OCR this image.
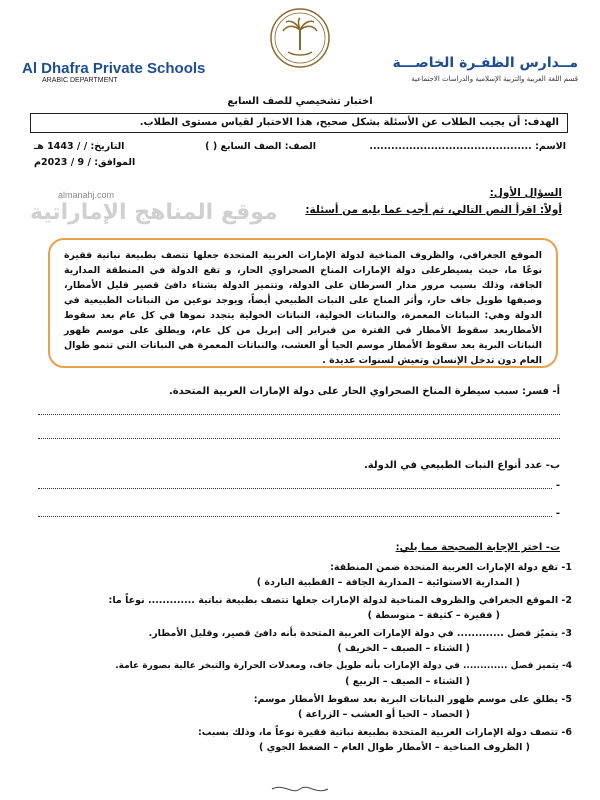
Al Dhafra Private Schools
ARABIC DEPARTMENT
مــدارس الظفـرة الخاصـــة
قسم اللغة العربية والتربية الإسلامية والدراسات الاجتماعية
اختبار تشخيصي للصف السابع
الهدف: أن يجيب الطلاب عن الأسئلة بشكل صحيح، هذا الاختبار لقياس مستوى الطلاب.
الاسم: .............................................
الصف: الصف السابع ( )
التاريخ: / / 1443 هـ
الموافق: / 9 / 2023م
almanahj.com
موقع المناهج الإماراتية
السؤال الأول:
أولاً: اقرأ النص التالي، ثم أجب عما يليه من أسئلة:
الموقع الجغرافي، والظروف المناخية لدولة الإمارات العربية المتحدة جعلها تتصف بطبيعة نباتية فقيرة نوعًا ما، حيث يسيطرعلى دولة الإمارات المناخ الصحراوي الحار، و تقع الدولة في المنطقة المدارية الجافة، وذلك بسبب مرور مدار السرطان على الدولة، وتتميز الدولة بشتاء دافئ قصير قليل الأمطار، وصيفها طويل جاف حار، وأثر المناخ على النبات الطبيعي أيضاً، ويوجد نوعين من النباتات الطبيعية في الدولة وهي: النباتات المعمرة، والنباتات الحولية، النباتات الحولية يتجدد نموها في كل عام بعد سقوط الأمطاربعد سقوط الأمطار في الفترة من فبراير إلى إبريل من كل عام، ويطلق على موسم ظهور النباتات البرية بعد سقوط الأمطار موسم الحيا أو العشب، والنباتات المعمرة هي النباتات التي تنمو طوال العام دون تدخل الإنسان وتعيش لسنوات عديدة .
أ- فسر: سبب سيطرة المناخ الصحراوي الحار على دولة الإمارات العربية المتحدة.
ب- عدد أنواع النبات الطبيعي في الدولة.
-
-
ت- اختر الإجابة الصحيحة مما يلي:
1- تقع دولة الإمارات العربية المتحدة ضمن المنطقة:
( المدارية الاستوائية – المدارية الجافة – القطبية الباردة )
2- الموقع الجغرافي والظروف المناخية لدولة الإمارات جعلها تتصف بطبيعة نباتية ............. نوعاً ما:
( فقيرة – كثيفة – متوسطة )
3- يتميّز فصل ............. في دولة الإمارات العربية المتحدة بأنه دافئ قصير، وقليل الأمطار.
( الشتاء – الصيف – الخريف )
4- يتميز فصل ............. في دولة الإمارات بأنه طويل جاف، ومعدلات الحرارة والتبخر عالية بصورة عامة.
( الشتاء – الصيف – الربيع )
5- يطلق على موسم ظهور النباتات البرية بعد سقوط الأمطار موسم:
( الحصاد – الحيا أو العشب – الزراعة )
6- تتصف دولة الإمارات العربية المتحدة بطبيعة نباتية فقيرة نوعاً ما، وذلك بسبب:
( الظروف المناخية – الأمطار طوال العام – الضغط الجوي )
